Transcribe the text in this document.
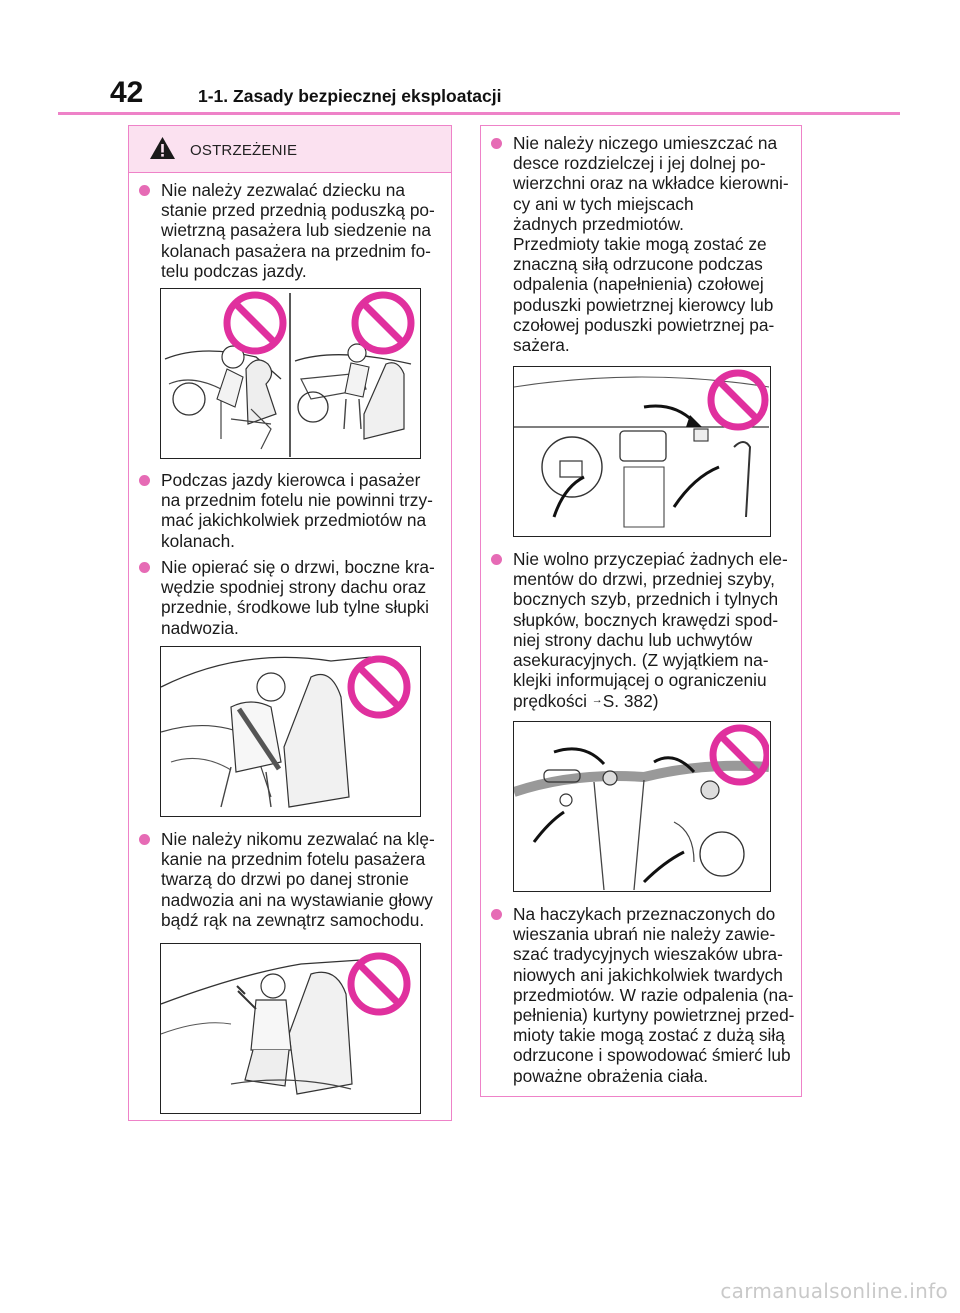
42	1-1. Zasady bezpiecznej eksploatacji
OSTRZEŻENIE
Nie należy zezwalać dziecku na
stanie przed przednią poduszką po-
wietrzną pasażera lub siedzenie na
kolanach pasażera na przednim fo-
telu podczas jazdy.
Podczas jazdy kierowca i pasażer
na przednim fotelu nie powinni trzy-
mać jakichkolwiek przedmiotów na
kolanach.
Nie opierać się o drzwi, boczne kra-
wędzie spodniej strony dachu oraz
przednie, środkowe lub tylne słupki
nadwozia.
Nie należy nikomu zezwalać na klę-
kanie na przednim fotelu pasażera
twarzą do drzwi po danej stronie
nadwozia ani na wystawianie głowy
bądź rąk na zewnątrz samochodu.
Nie należy niczego umieszczać na
desce rozdzielczej i jej dolnej po-
wierzchni oraz na wkładce kierowni-
cy ani w tych miejscach
żadnych przedmiotów.
Przedmioty takie mogą zostać ze
znaczną siłą odrzucone podczas
odpalenia (napełnienia) czołowej
poduszki powietrznej kierowcy lub
czołowej poduszki powietrznej pa-
sażera.
Nie wolno przyczepiać żadnych ele-
mentów do drzwi, przedniej szyby,
bocznych szyb, przednich i tylnych
słupków, bocznych krawędzi spod-
niej strony dachu lub uchwytów
asekuracyjnych. (Z wyjątkiem na-
klejki informującej o ograniczeniu
prędkości →S. 382)
Na haczykach przeznaczonych do
wieszania ubrań nie należy zawie-
szać tradycyjnych wieszaków ubra-
niowych ani jakichkolwiek twardych
przedmiotów. W razie odpalenia (na-
pełnienia) kurtyny powietrznej przed-
mioty takie mogą zostać z dużą siłą
odrzucone i spowodować śmierć lub
poważne obrażenia ciała.
carmanualsonline.info
